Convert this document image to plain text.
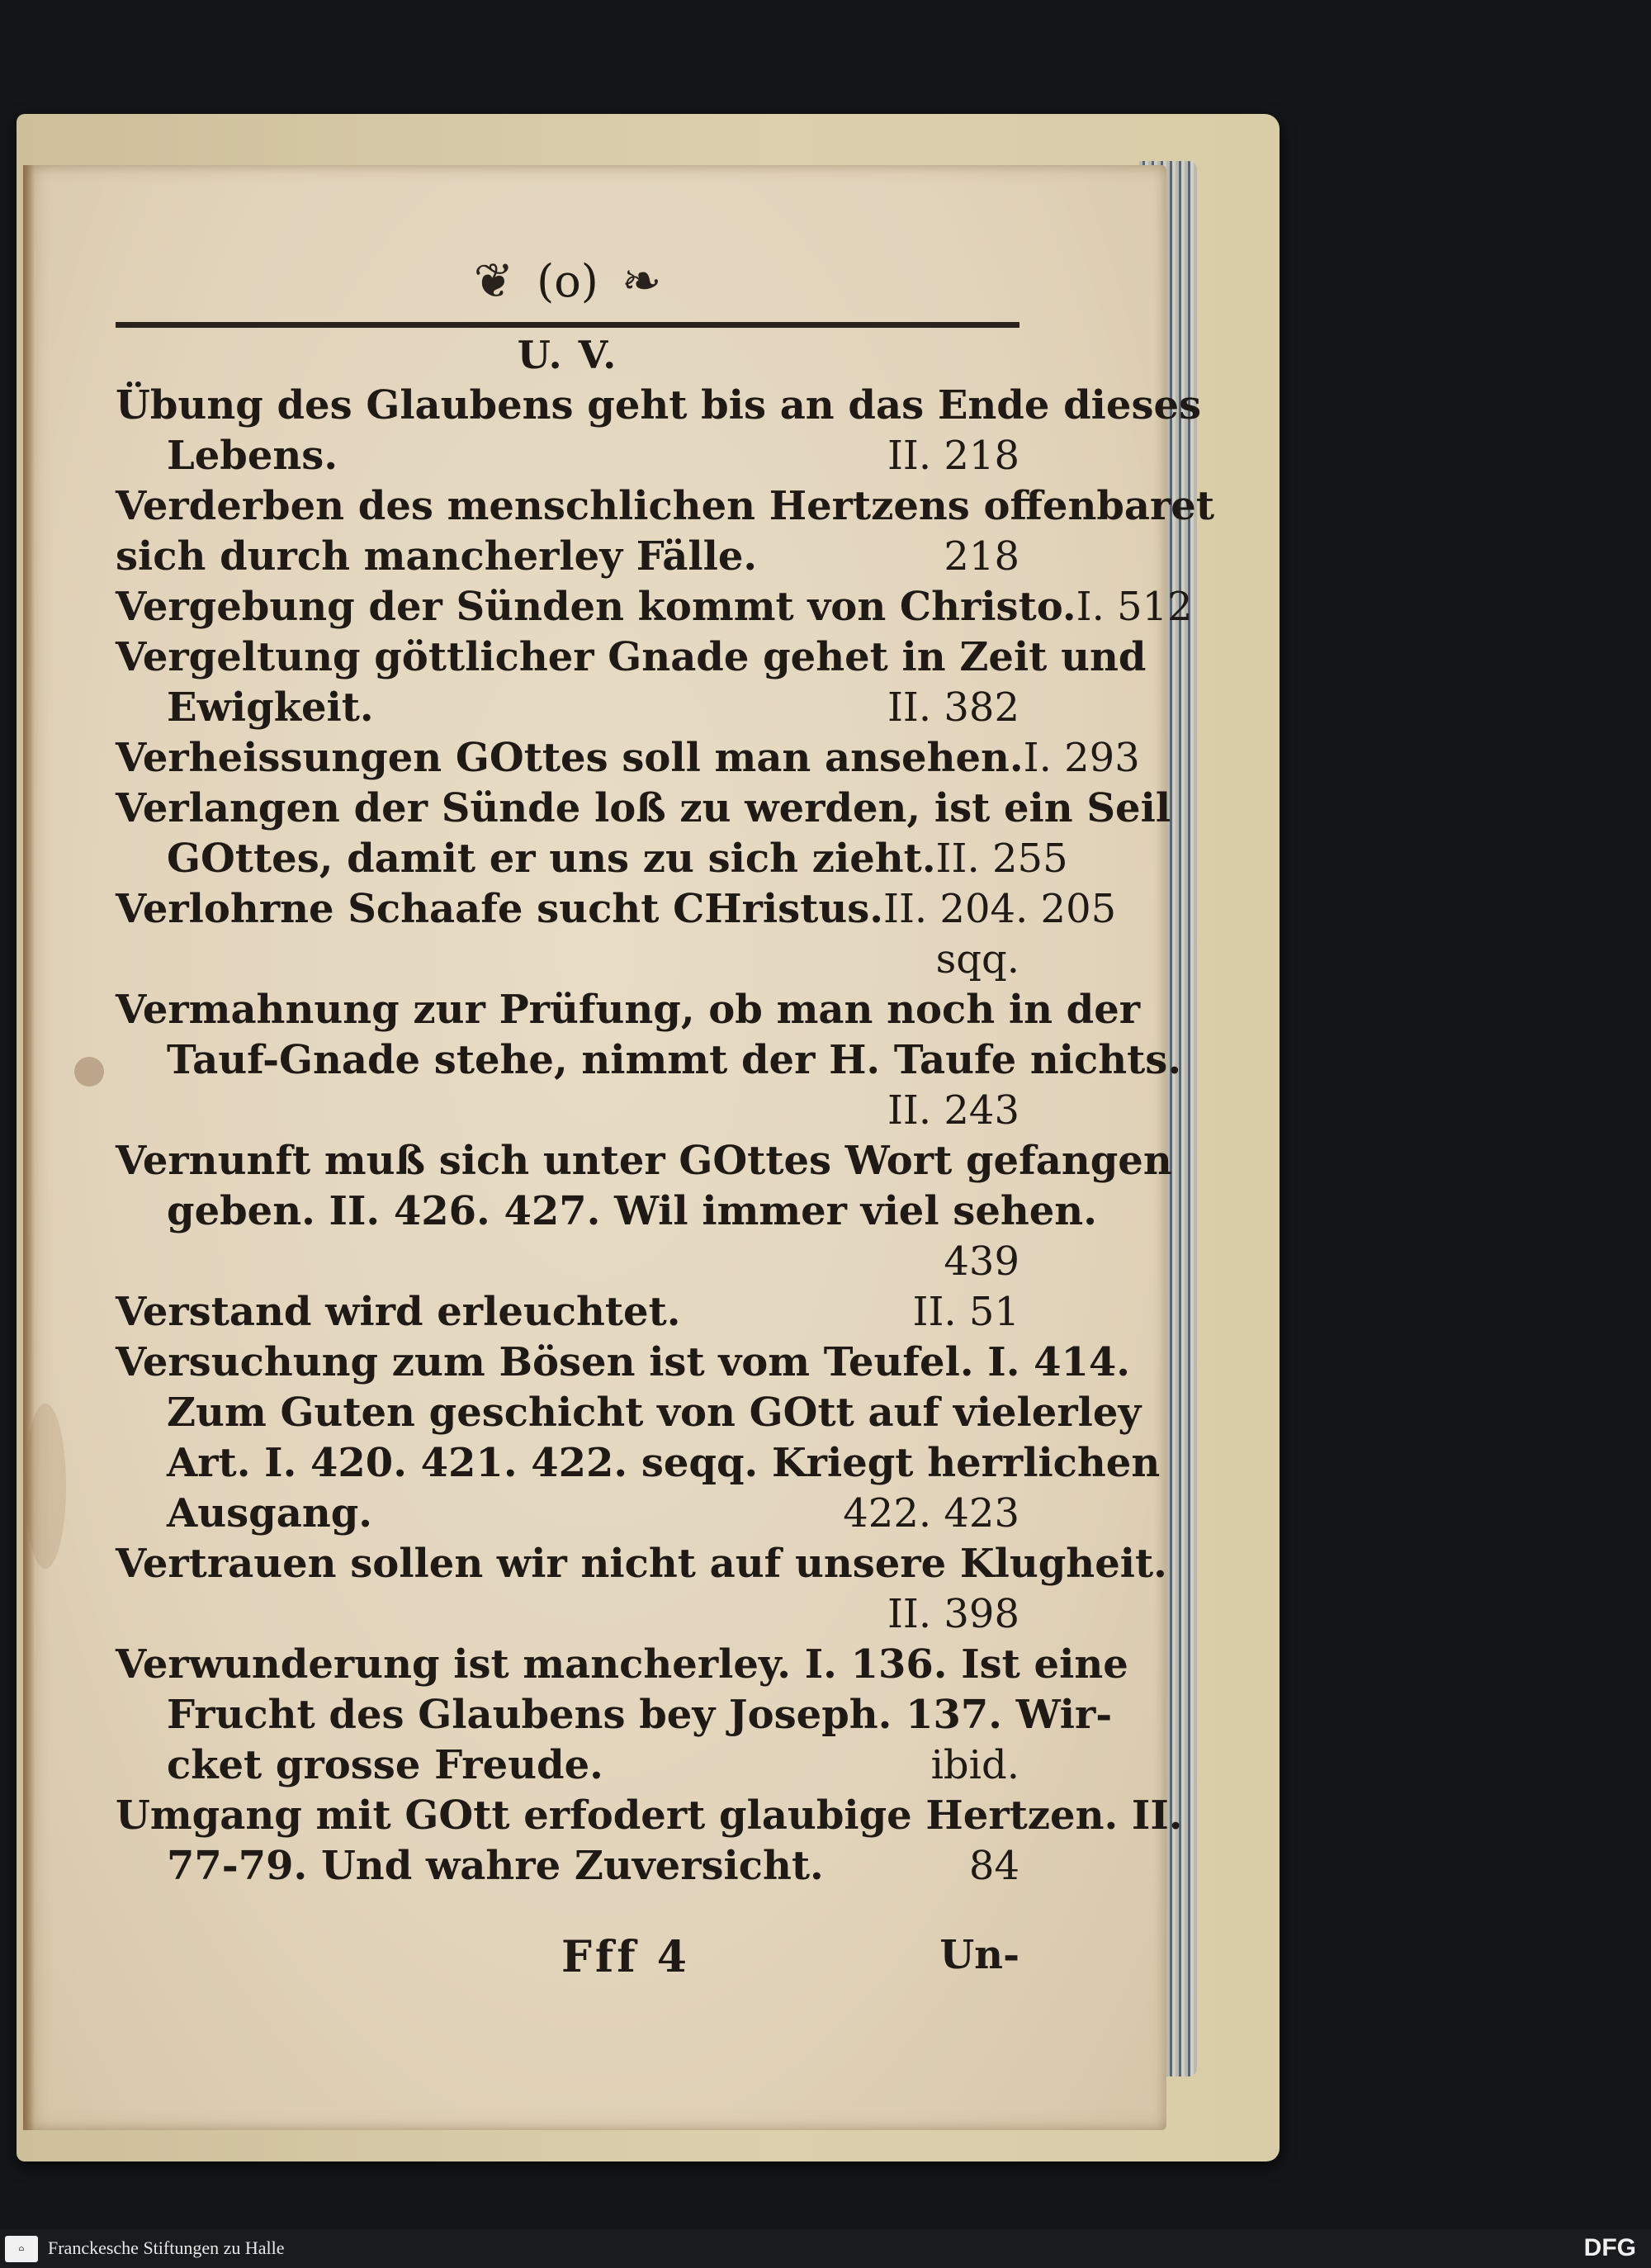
❦ (o) ❧
U. V.
Übung des Glaubens geht bis an das Ende dieses
Lebens.	II. 218
Verderben des menschlichen Hertzens offenbaret
sich durch mancherley Fälle.	218
Vergebung der Sünden kommt von Christo. I. 512
Vergeltung göttlicher Gnade gehet in Zeit und
Ewigkeit.	II. 382
Verheissungen GOttes soll man ansehen. I. 293
Verlangen der Sünde loß zu werden, ist ein Seil
GOttes, damit er uns zu sich zieht. II. 255
Verlohrne Schaafe sucht CHristus. II. 204. 205
sqq.
Vermahnung zur Prüfung, ob man noch in der
Tauf-Gnade stehe, nimmt der H. Taufe nichts.
II. 243
Vernunft muß sich unter GOttes Wort gefangen
geben. II. 426. 427. Wil immer viel sehen.
439
Verstand wird erleuchtet.	II. 51
Versuchung zum Bösen ist vom Teufel. I. 414.
Zum Guten geschicht von GOtt auf vielerley
Art. I. 420. 421. 422. seqq. Kriegt herrlichen
Ausgang.	422. 423
Vertrauen sollen wir nicht auf unsere Klugheit.
II. 398
Verwunderung ist mancherley. I. 136. Ist eine
Frucht des Glaubens bey Joseph. 137. Wir-
cket grosse Freude.	ibid.
Umgang mit GOtt erfodert glaubige Hertzen. II.
77-79. Und wahre Zuversicht.	84
Fff 4	Un-
⌂	Franckesche Stiftungen zu Halle	DFG
